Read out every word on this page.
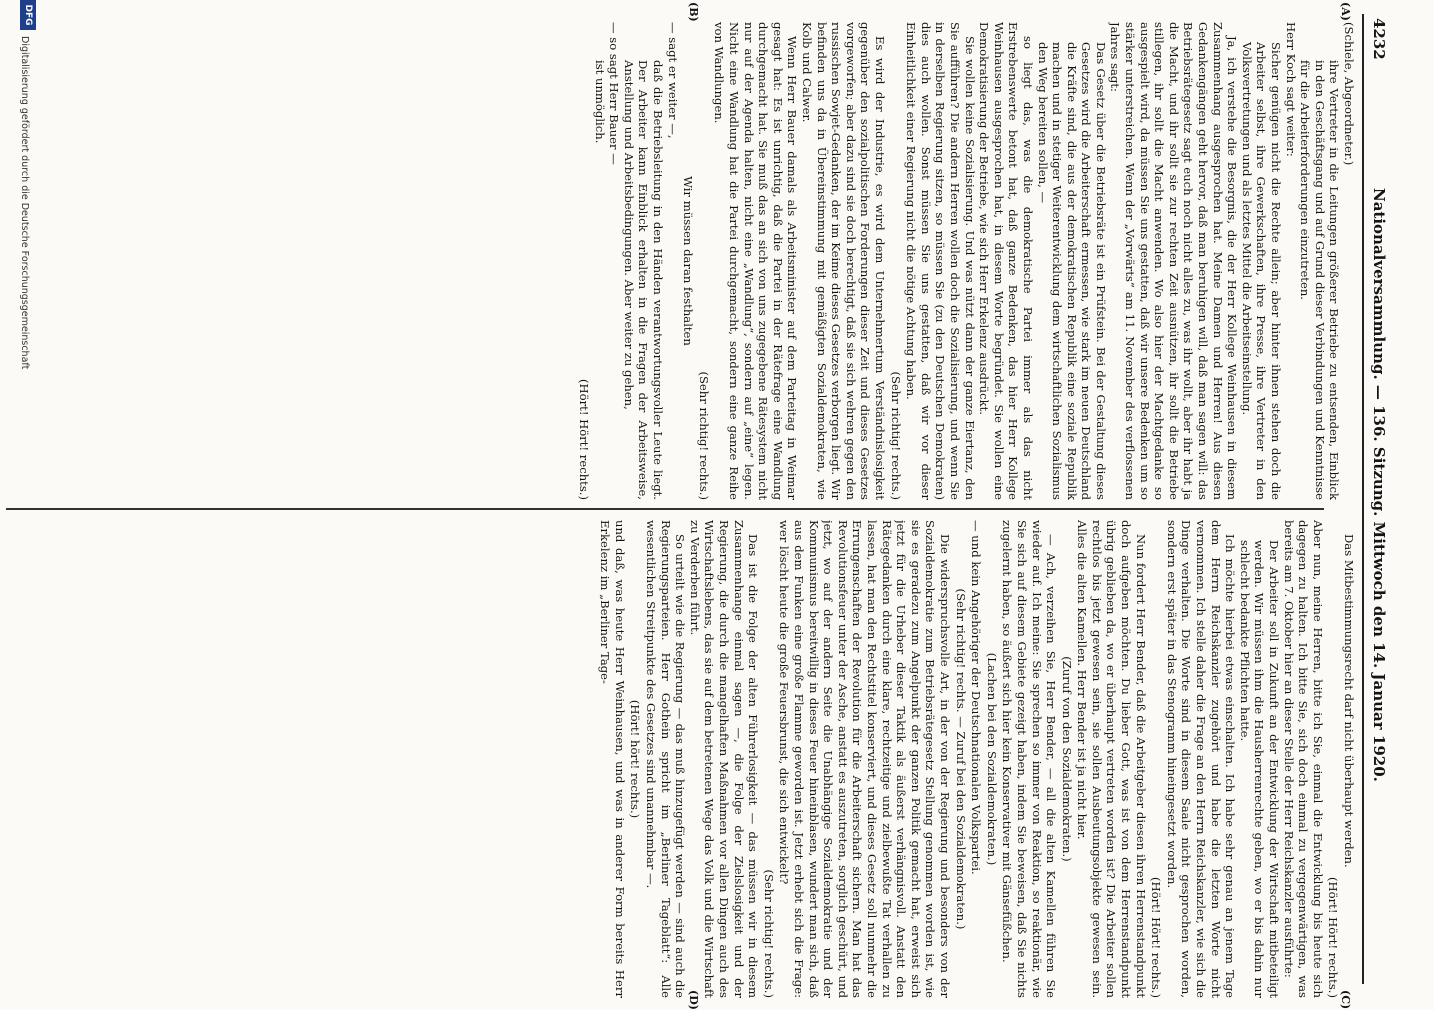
4232
Nationalversammlung. — 136. Sitzung. Mittwoch den 14. Januar 1920.
(A)
(B)
(C)
(D)

(Schiele, Abgeordneter.)

ihre Vertreter in die Leitungen größerer Betriebe zu entsenden, Einblick in den Geschäftsgang und auf Grund dieser Verbindungen und Kenntnisse für die Arbeiterforderungen einzutreten.

Herr Koch sagt weiter:

Sicher genügen nicht die Rechte allein; aber hinter ihnen stehen doch die Arbeiter selbst, ihre Gewerkschaften, ihre Presse, ihre Vertreter in den Volksvertretungen und als letztes Mittel die Arbeitseinstellung.

Ja, ich verstehe die Besorgnis, die der Herr Kollege Weinhausen in diesem Zusammenhang ausgesprochen hat. Meine Damen und Herren! Aus diesen Gedankengängen geht hervor, daß man beruhigen will, daß man sagen will: das Betriebsrätegesetz sagt euch noch nicht alles zu, was ihr wollt, aber ihr habt ja die Macht, und ihr sollt sie zur rechten Zeit ausnützen, ihr sollt die Betriebe stillegen, ihr sollt die Macht anwenden. Wo also hier der Machtgedanke so ausgespielt wird, da müssen Sie uns gestatten, daß wir unsere Bedenken um so stärker unterstreichen. Wenn der „Vorwärts“ am 11. November des verflossenen Jahres sagt:

Das Gesetz über die Betriebsräte ist ein Prüfstein. Bei der Gestaltung dieses Gesetzes wird die Arbeiterschaft ermessen, wie stark im neuen Deutschland die Kräfte sind, die aus der demokratischen Republik eine soziale Republik machen und in stetiger Weiterentwicklung dem wirtschaftlichen Sozialismus den Weg bereiten sollen, —

so liegt das, was die demokratische Partei immer als das nicht Erstrebenswerte betont hat, daß ganze Bedenken, das hier Herr Kollege Weinhausen ausgesprochen hat, in diesem Worte begründet. Sie wollen eine Demokratisierung der Betriebe, wie sich Herr Erkelenz ausdrückt.

Sie wollen keine Sozialisierung. Und was nützt dann der ganze Eiertanz, den Sie aufführen? Die andern Herren wollen doch die Sozialisierung, und wenn Sie in derselben Regierung sitzen, so müssen Sie (zu den Deutschen Demokraten) dies auch wollen. Sonst müssen Sie uns gestatten, daß wir vor dieser Einheitlichkeit einer Regierung nicht die nötige Achtung haben.

(Sehr richtig! rechts.)

Es wird der Industrie, es wird dem Unternehmertum Verständnislosigkeit gegenüber den sozialpolitischen Forderungen dieser Zeit und dieses Gesetzes vorgeworfen; aber dazu sind sie doch berechtigt, daß sie sich wehren gegen den russischen Sowjet-Gedanken, der im Keime dieses Gesetzes verborgen liegt. Wir befinden uns da in Übereinstimmung mit gemäßigten Sozialdemokraten, wie Kolb und Calwer.

Wenn Herr Bauer damals als Arbeitsminister auf dem Parteitag in Weimar gesagt hat: Es ist unrichtig, daß die Partei in der Rätefrage eine Wandlung durchgemacht hat. Sie muß das an sich von uns zugegebene Rätesystem nicht nur auf der Agenda halten, nicht eine „Wandlung“, sondern auf „eine“ legen. Nicht eine Wandlung hat die Partei durchgemacht, sondern eine ganze Reihe von Wandlungen.

(Sehr richtig! rechts.)

Wir müssen daran festhalten

— sagt er weiter —,

daß die Betriebsleitung in den Händen verantwortungsvoller Leute liegt. Der Arbeiter kann Einblick erhalten in die Fragen der Arbeitsweise, Anstellung und Arbeitsbedingungen. Aber weiter zu gehen,

— so sagt Herr Bauer —

ist unmöglich.

(Hört! Hört! rechts.)

Das Mitbestimmungsrecht darf nicht überhaupt werden.

(Hört! Hört! rechts.)

Aber nun, meine Herren, bitte ich Sie, einmal die Entwicklung bis heute sich dagegen zu halten. Ich bitte Sie, sich doch einmal zu vergegenwärtigen, was bereits am 7. Oktober hier an dieser Stelle der Herr Reichskanzler ausführte:

Der Arbeiter soll in Zukunft an der Entwicklung der Wirtschaft mitbeteiligt werden. Wir müssen ihm die Hausherrenrechte geben, wo er bis dahin nur schlecht bedankte Pflichten hatte.

Ich möchte hierbei etwas einschalten. Ich habe sehr genau an jenem Tage dem Herrn Reichskanzler zugehört und habe die letzten Worte nicht vernommen. Ich stelle daher die Frage an den Herrn Reichskanzler, wie sich die Dinge verhalten. Die Worte sind in diesem Saale nicht gesprochen worden, sondern erst später in das Stenogramm hineingesetzt worden.

(Hört! Hört! rechts.)

Nun fordert Herr Bender, daß die Arbeitgeber diesen ihren Herrenstandpunkt doch aufgeben möchten. Du lieber Gott, was ist von dem Herrenstandpunkt übrig geblieben da, wo er überhaupt vertreten worden ist? Die Arbeiter sollen rechtlos bis jetzt gewesen sein, sie sollen Ausbeutungsobjekte gewesen sein. Alles die alten Kamellen. Herr Bender ist ja nicht hier.

(Zuruf von den Sozialdemokraten.)

— Ach, verzeihen Sie, Herr Bender, — all die alten Kamellen führen Sie wieder auf. Ich meine: Sie sprechen so immer von Reaktion, so reaktionär, wie Sie sich auf diesem Gebiete gezeigt haben, indem Sie beweisen, daß Sie nichts zugelernt haben, so äußert sich hier kein Konservativer mit Gänsefüßchen.

(Lachen bei den Sozialdemokraten.)

— und kein Angehöriger der Deutschnationalen Volkspartei.

(Sehr richtig! rechts. — Zuruf bei den Sozialdemokraten.)

Die widerspruchsvolle Art, in der von der Regierung und besonders von der Sozialdemokratie zum Betriebsrätegesetz Stellung genommen worden ist, wie sie es geradezu zum Angelpunkt der ganzen Politik gemacht hat, erweist sich jetzt für die Urheber dieser Taktik als äußerst verhängnisvoll. Anstatt den Rätegedanken durch eine klare, rechtzeitige und zielbewußte Tat verhallen zu lassen, hat man den Rechtstitel konserviert, und dieses Gesetz soll nunmehr die Errungenschaften der Revolution für die Arbeiterschaft sichern. Man hat das Revolutionsfeuer unter der Asche, anstatt es auszutreten, sorglich geschürt, und jetzt, wo auf der andern Seite die Unabhängige Sozialdemokratie und der Kommunismus bereitwillig in dieses Feuer hineinblasen, wundert man sich, daß aus dem Funken eine große Flamme geworden ist. Jetzt erhebt sich die Frage: wer löscht heute die große Feuersbrunst, die sich entwickelt?

(Sehr richtig! rechts.)

Das ist die Folge der alten Führerlosigkeit — das müssen wir in diesem Zusammenhange einmal sagen —, die Folge der Zielslosigkeit und der Regierung, die durch die mangelhaften Maßnahmen vor allen Dingen auch des Wirtschaftslebens, das sie auf dem betretenen Wege das Volk und die Wirtschaft zu Verderben führt.

So urteilt wie die Regierung — das muß hinzugefügt werden — sind auch die Regierungsparteien. Herr Gothein spricht im „Berliner Tageblatt“: Alle wesentlichen Streitpunkte des Gesetzes sind unannehmbar —.

(Hört! hört! rechts.)

und daß, was heute Herr Weinhausen, und was in anderer Form bereits Herr Erkelenz im „Berliner Tage-

DFG
Digitalisierung gefördert durch die Deutsche Forschungsgemeinschaft
